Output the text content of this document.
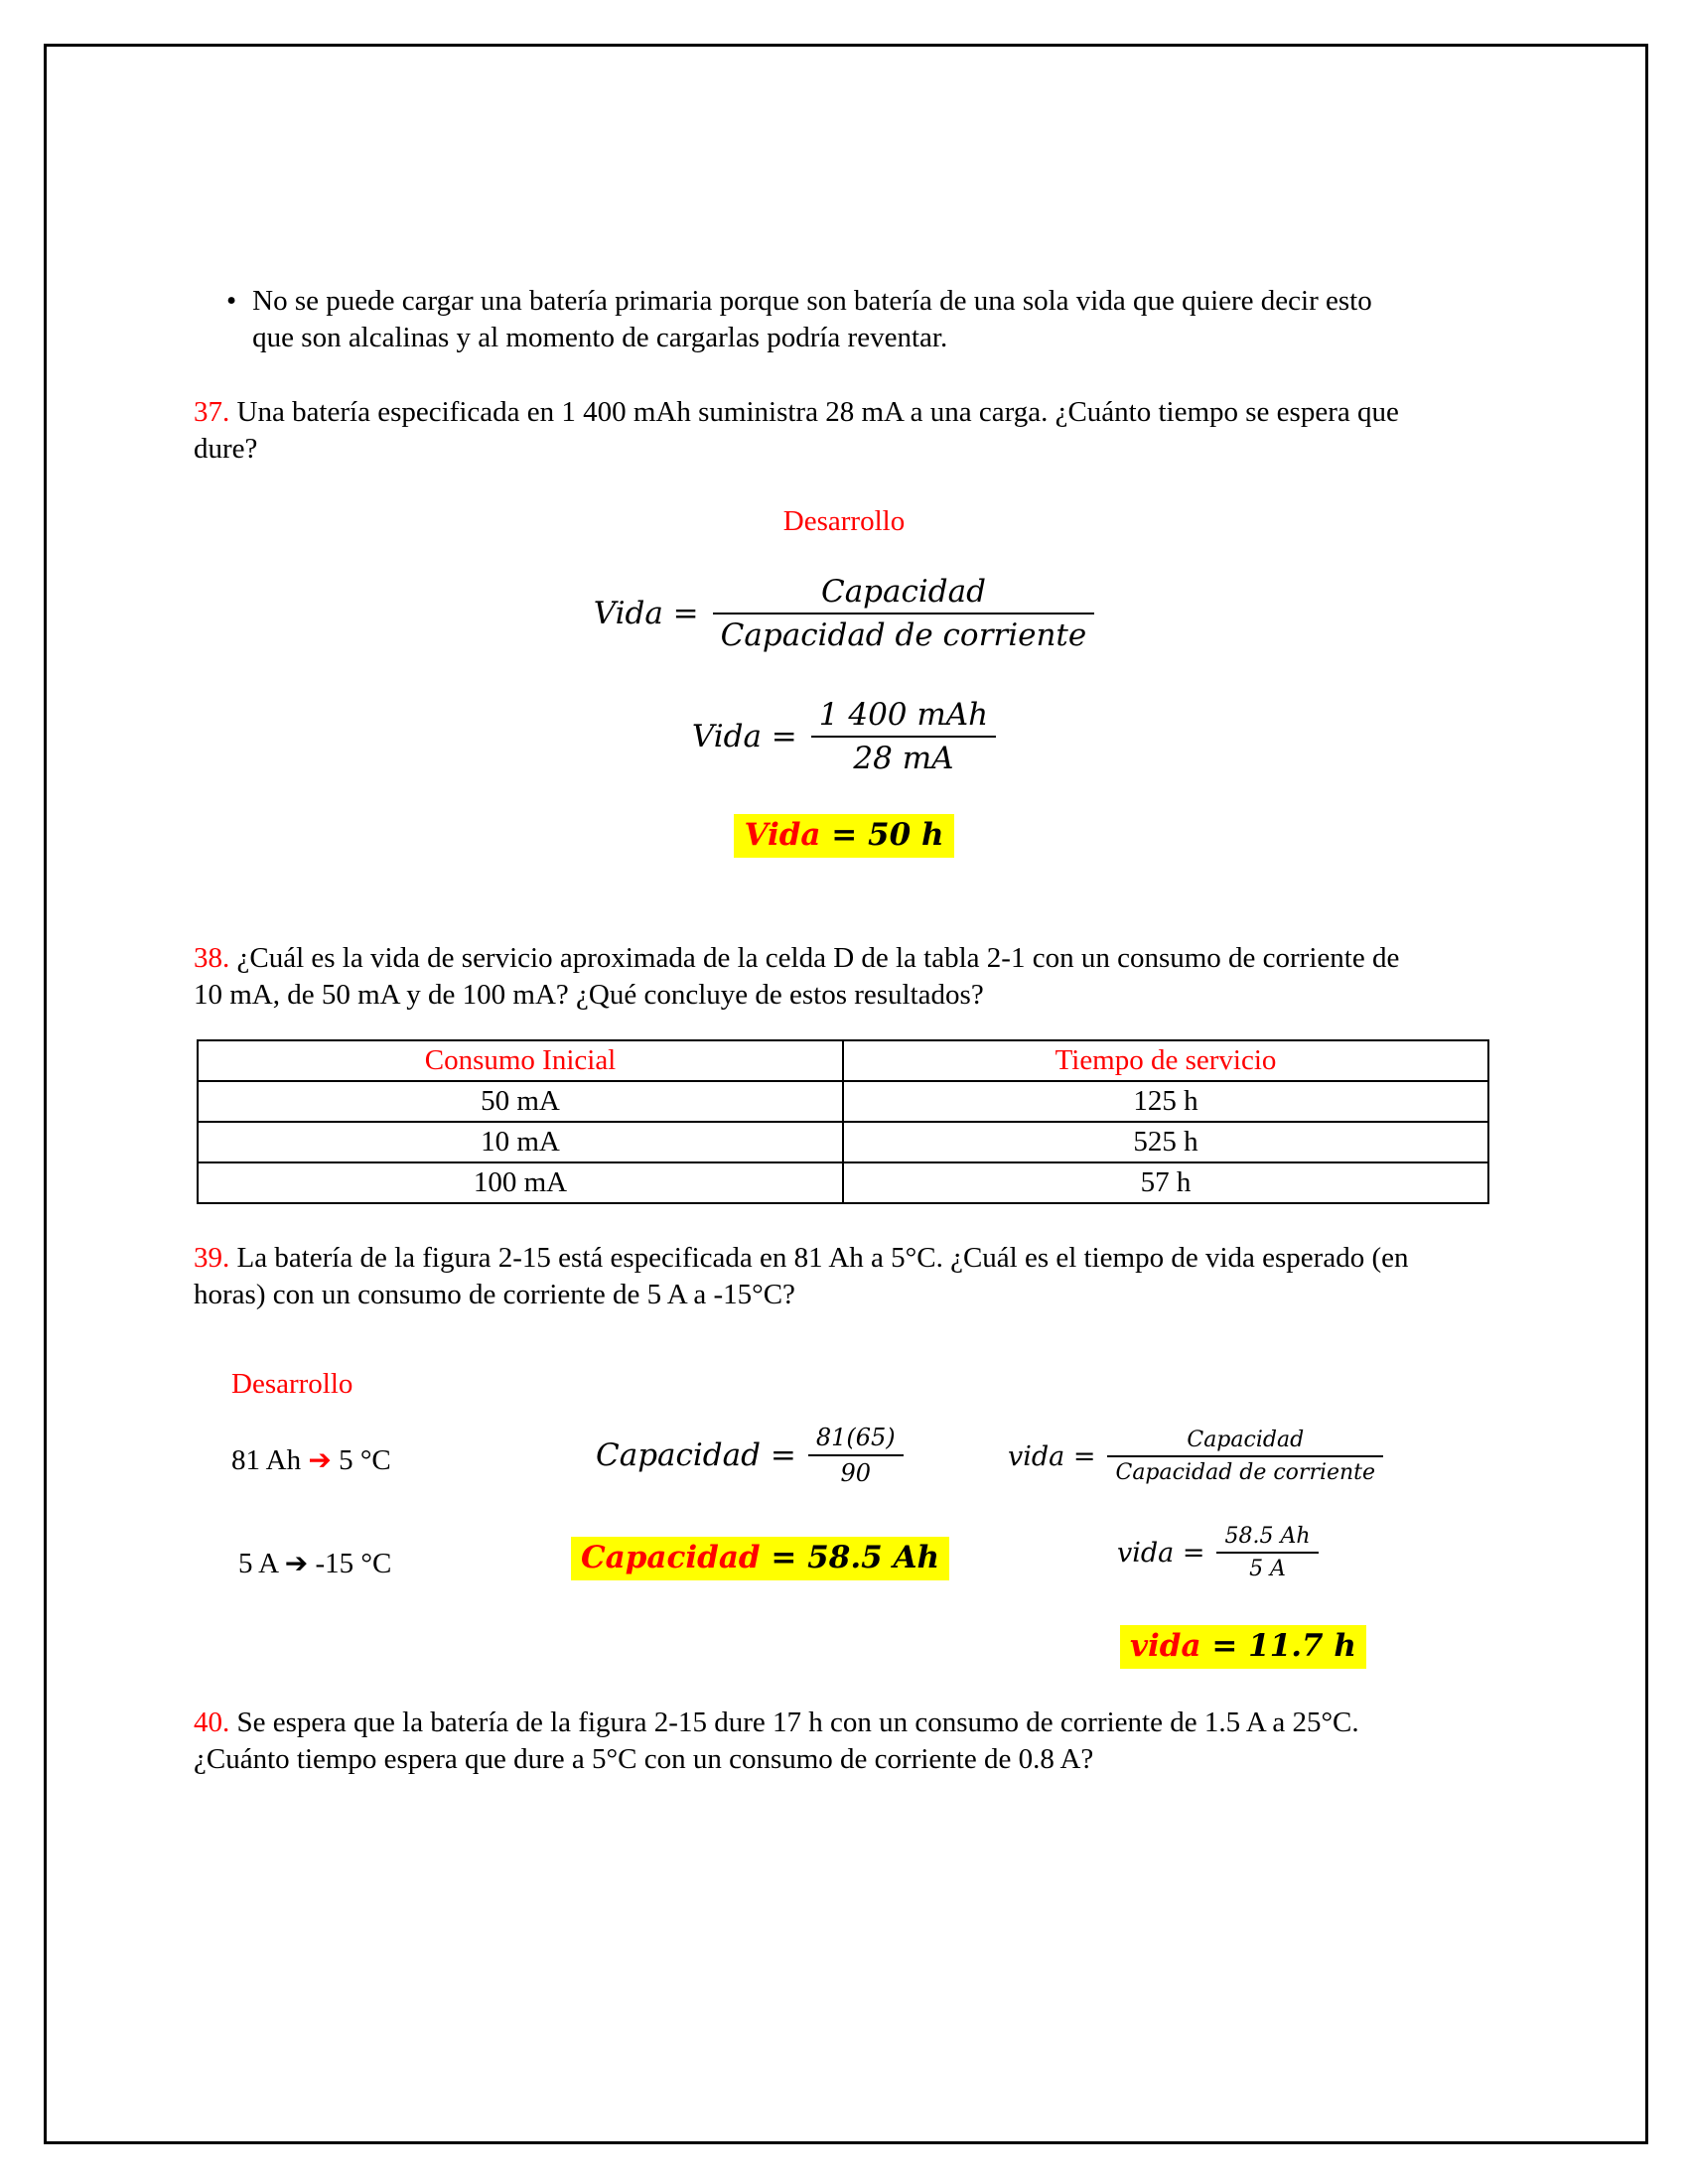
• No se puede cargar una batería primaria porque son batería de una sola vida que quiere decir esto que son alcalinas y al momento de cargarlas podría reventar.
37. Una batería especificada en 1 400 mAh suministra 28 mA a una carga. ¿Cuánto tiempo se espera que dure?
Desarrollo
Vida = $\frac{\text{Capacidad}}{\text{Capacidad de corriente}}$
Vida = $\frac{\text{1 400 mAh}}{28 mA}$
Vida = 50 h
38. ¿Cuál es la vida de servicio aproximada de la celda D de la tabla 2-1 con un consumo de corriente de 10 mA, de 50 mA y de 100 mA? ¿Qué concluye de estos resultados?
Consumo Inicial	Tiempo de servicio
50 mA	125 h
10 mA	525 h
100 mA	57 h
39. La batería de la figura 2-15 está especificada en 81 Ah a 5°C. ¿Cuál es el tiempo de vida esperado (en horas) con un consumo de corriente de 5 A a -15°C?
Desarrollo
81 Ah ➔ 5 °C	Capacidad = $\frac{81(65)}{90}$	vida = $\frac{\text{Capacidad}}{\text{Capacidad de corriente}}$
5 A ➔ -15 °C	Capacidad = 58.5 Ah	vida = $\frac{58.5 Ah}{5 A}$
vida = 11.7 h
40. Se espera que la batería de la figura 2-15 dure 17 h con un consumo de corriente de 1.5 A a 25°C. ¿Cuánto tiempo espera que dure a 5°C con un consumo de corriente de 0.8 A?
